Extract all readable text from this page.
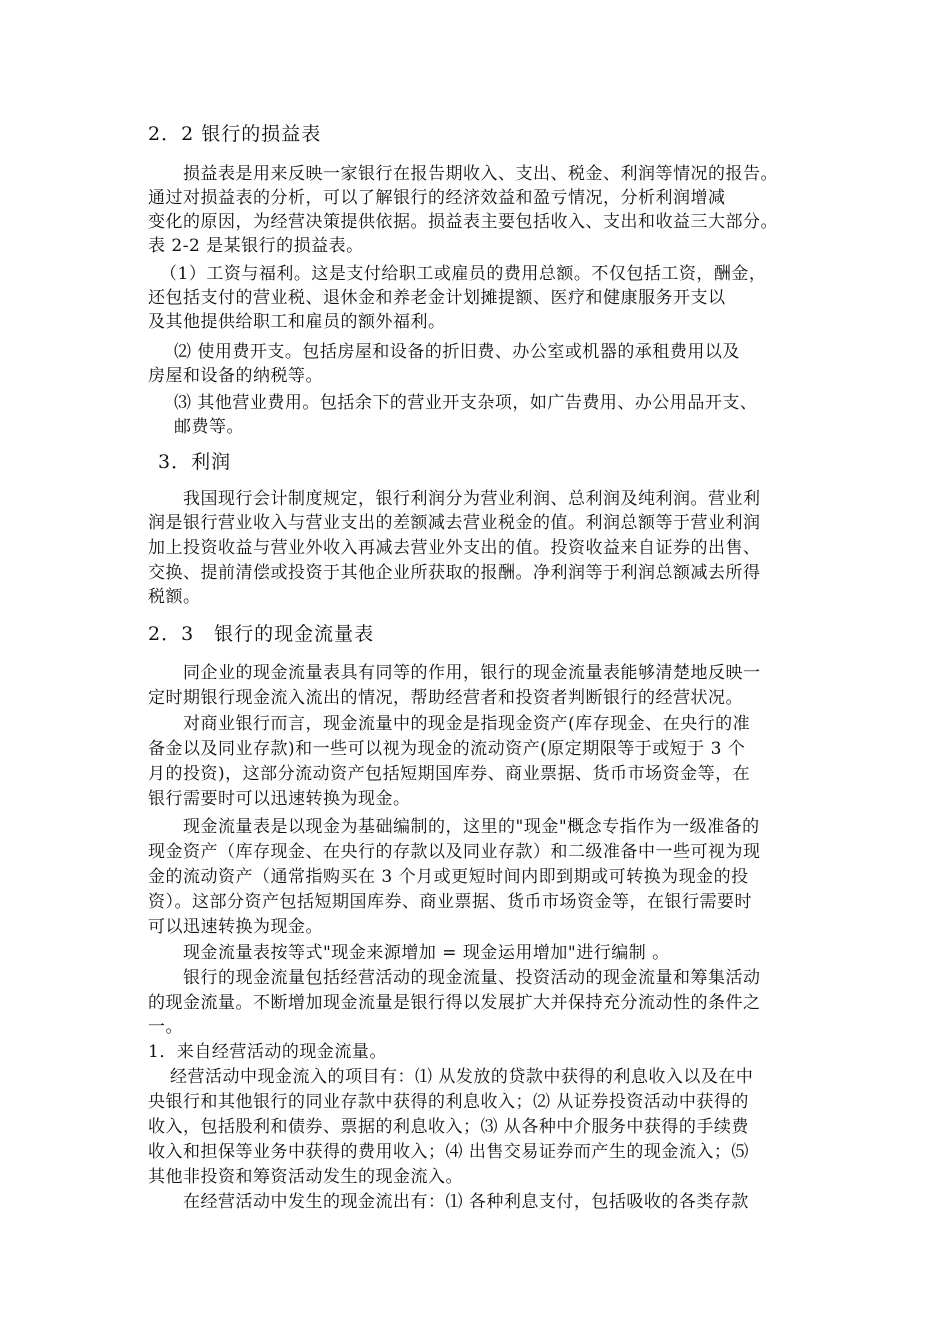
2．2 银行的损益表
损益表是用来反映一家银行在报告期收入、支出、税金、利润等情况的报告。
通过对损益表的分析，可以了解银行的经济效益和盈亏情况，分析利润增减
变化的原因，为经营决策提供依据。损益表主要包括收入、支出和收益三大部分。
表 2-2 是某银行的损益表。
（1）工资与福利。这是支付给职工或雇员的费用总额。不仅包括工资，酬金，
还包括支付的营业税、退休金和养老金计划摊提额、医疗和健康服务开支以
及其他提供给职工和雇员的额外福利。
⑵ 使用费开支。包括房屋和设备的折旧费、办公室或机器的承租费用以及
房屋和设备的纳税等。
⑶ 其他营业费用。包括余下的营业开支杂项，如广告费用、办公用品开支、
邮费等。
3．利润
我国现行会计制度规定，银行利润分为营业利润、总利润及纯利润。营业利
润是银行营业收入与营业支出的差额减去营业税金的值。利润总额等于营业利润
加上投资收益与营业外收入再减去营业外支出的值。投资收益来自证券的出售、
交换、提前清偿或投资于其他企业所获取的报酬。净利润等于利润总额减去所得
税额。
2．3　银行的现金流量表
同企业的现金流量表具有同等的作用，银行的现金流量表能够清楚地反映一
定时期银行现金流入流出的情况，帮助经营者和投资者判断银行的经营状况。
对商业银行而言，现金流量中的现金是指现金资产(库存现金、在央行的准
备金以及同业存款)和一些可以视为现金的流动资产(原定期限等于或短于 3 个
月的投资)，这部分流动资产包括短期国库券、商业票据、货币市场资金等，在
银行需要时可以迅速转换为现金。
现金流量表是以现金为基础编制的，这里的"现金"概念专指作为一级准备的
现金资产（库存现金、在央行的存款以及同业存款）和二级准备中一些可视为现
金的流动资产（通常指购买在 3 个月或更短时间内即到期或可转换为现金的投
资）。这部分资产包括短期国库券、商业票据、货币市场资金等，在银行需要时
可以迅速转换为现金。
现金流量表按等式"现金来源增加 = 现金运用增加"进行编制 。
银行的现金流量包括经营活动的现金流量、投资活动的现金流量和筹集活动
的现金流量。不断增加现金流量是银行得以发展扩大并保持充分流动性的条件之
一。
1．来自经营活动的现金流量。
经营活动中现金流入的项目有：⑴ 从发放的贷款中获得的利息收入以及在中
央银行和其他银行的同业存款中获得的利息收入；⑵ 从证券投资活动中获得的
收入，包括股利和债券、票据的利息收入；⑶ 从各种中介服务中获得的手续费
收入和担保等业务中获得的费用收入；⑷ 出售交易证券而产生的现金流入；⑸
其他非投资和筹资活动发生的现金流入。
在经营活动中发生的现金流出有：⑴ 各种利息支付，包括吸收的各类存款
